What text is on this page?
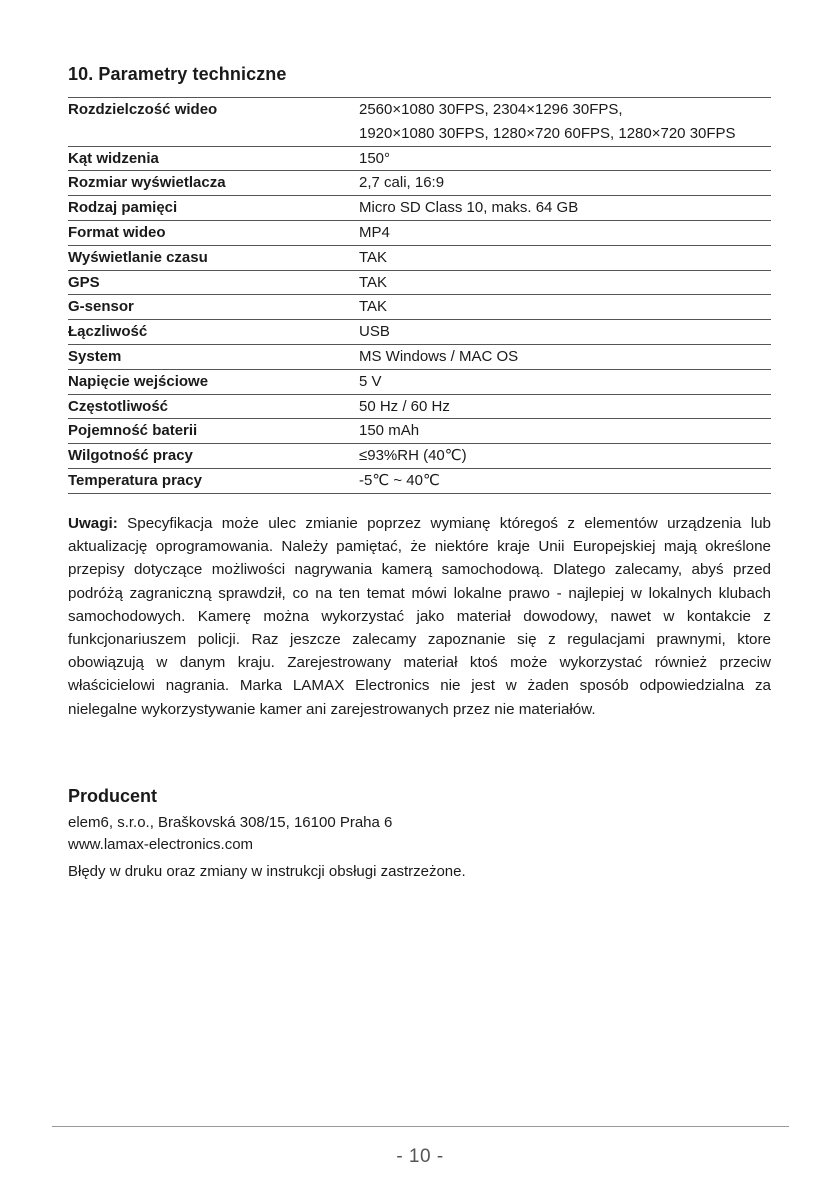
10. Parametry techniczne
Rozdzielczość wideo	2560×1080 30FPS, 2304×1296 30FPS,
1920×1080 30FPS, 1280×720 60FPS, 1280×720 30FPS

Kąt widzenia	150°

Rozmiar wyświetlacza	2,7 cali, 16:9

Rodzaj pamięci	Micro SD Class 10, maks. 64 GB

Format wideo	MP4

Wyświetlanie czasu	TAK

GPS	TAK

G-sensor	TAK

Łączliwość	USB

System	MS Windows / MAC OS

Napięcie wejściowe	5 V

Częstotliwość	50 Hz / 60 Hz

Pojemność baterii	150 mAh

Wilgotność pracy	≤93%RH (40℃)

Temperatura pracy	-5℃ ~ 40℃

Uwagi: Specyfikacja może ulec zmianie poprzez wymianę któregoś z elementów urządzenia lub aktualizację oprogramowania. Należy pamiętać, że niektóre kraje Unii Europejskiej mają określone przepisy dotyczące możliwości nagrywania kamerą samochodową. Dlatego zalecamy, abyś przed podróżą zagraniczną sprawdził, co na ten temat mówi lokalne prawo - najlepiej w lokalnych klubach samochodowych. Kamerę można wykorzystać jako materiał dowodowy, nawet w kontakcie z funkcjonariuszem policji. Raz jeszcze zalecamy zapoznanie się z regulacjami prawnymi, ktore obowiązują w danym kraju. Zarejestrowany materiał ktoś może wykorzystać również przeciw właścicielowi nagrania. Marka LAMAX Electronics nie jest w żaden sposób odpowiedzialna za nielegalne wykorzystywanie kamer ani zarejestrowanych przez nie materiałów.

Producent

elem6, s.r.o., Braškovská 308/15, 16100 Praha 6

www.lamax-electronics.com

Błędy w druku oraz zmiany w instrukcji obsługi zastrzeżone.

- 10 -
